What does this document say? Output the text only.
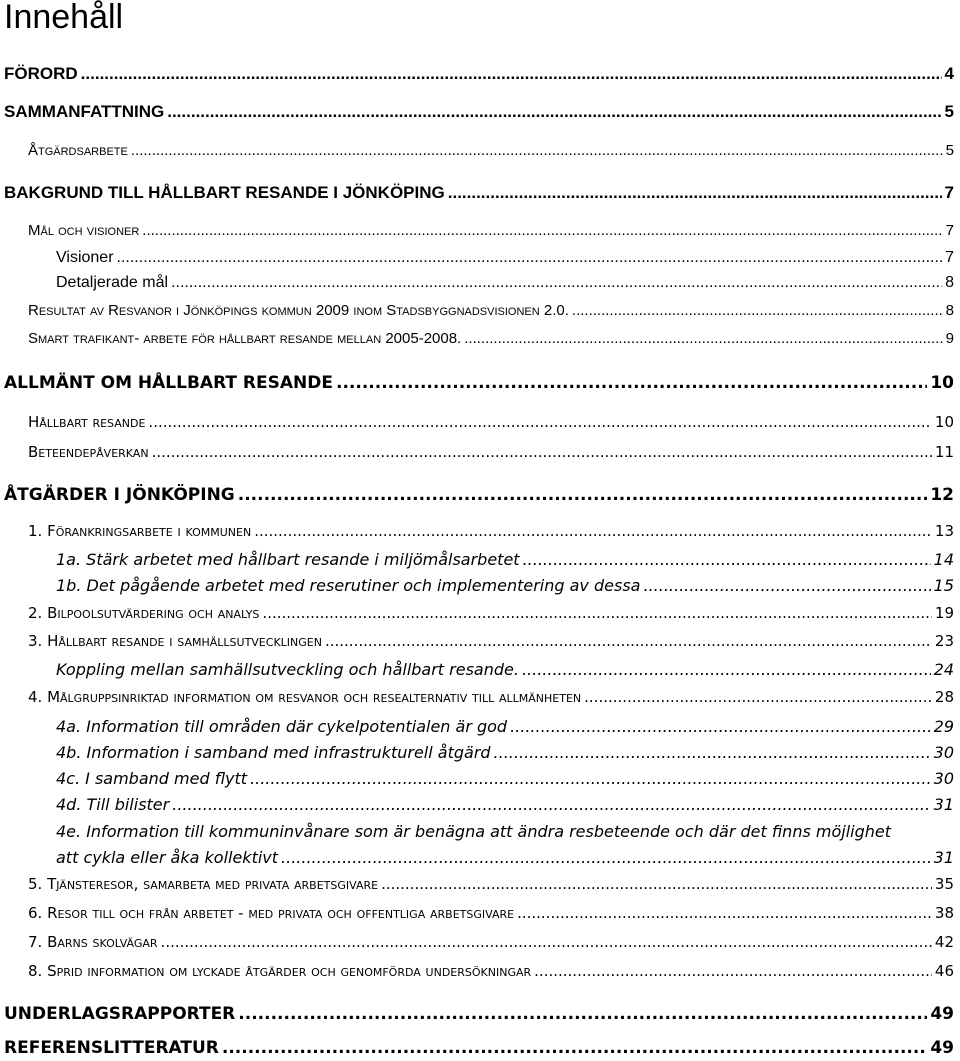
Innehåll
FÖRORD .....	4
SAMMANFATTNING .....	5
Åtgärdsarbete .....	5
BAKGRUND TILL HÅLLBART RESANDE I JÖNKÖPING .....	7
Mål och visioner .....	7
Visioner .....	7
Detaljerade mål .....	8
Resultat av Resvanor i Jönköpings kommun 2009 inom Stadsbyggnadsvisionen 2.0. .....	8
Smart trafikant- arbete för hållbart resande mellan 2005-2008. .....	9
ALLMÄNT OM HÅLLBART RESANDE .....	10
Hållbart resande .....	10
Beteendepåverkan .....	11
ÅTGÄRDER I JÖNKÖPING .....	12
1. Förankringsarbete i kommunen .....	13
1a. Stärk arbetet med hållbart resande i miljömålsarbetet .....	14
1b. Det pågående arbetet med reserutiner och implementering av dessa .....	15
2. Bilpoolsutvärdering och analys .....	19
3. Hållbart resande i samhällsutvecklingen .....	23
Koppling mellan samhällsutveckling och hållbart resande. .....	24
4. Målgruppsinriktad information om resvanor och resealternativ till allmänheten .....	28
4a. Information till områden där cykelpotentialen är god .....	29
4b. Information i samband med infrastrukturell åtgärd .....	30
4c. I samband med flytt .....	30
4d. Till bilister .....	31
4e. Information till kommuninvånare som är benägna att ändra resbeteende och där det finns möjlighet
att cykla eller åka kollektivt .....	31
5. Tjänsteresor, samarbeta med privata arbetsgivare .....	35
6. Resor till och från arbetet - med privata och offentliga arbetsgivare .....	38
7. Barns skolvägar .....	42
8. Sprid information om lyckade åtgärder och genomförda undersökningar .....	46
UNDERLAGSRAPPORTER .....	49
REFERENSLITTERATUR .....	49
